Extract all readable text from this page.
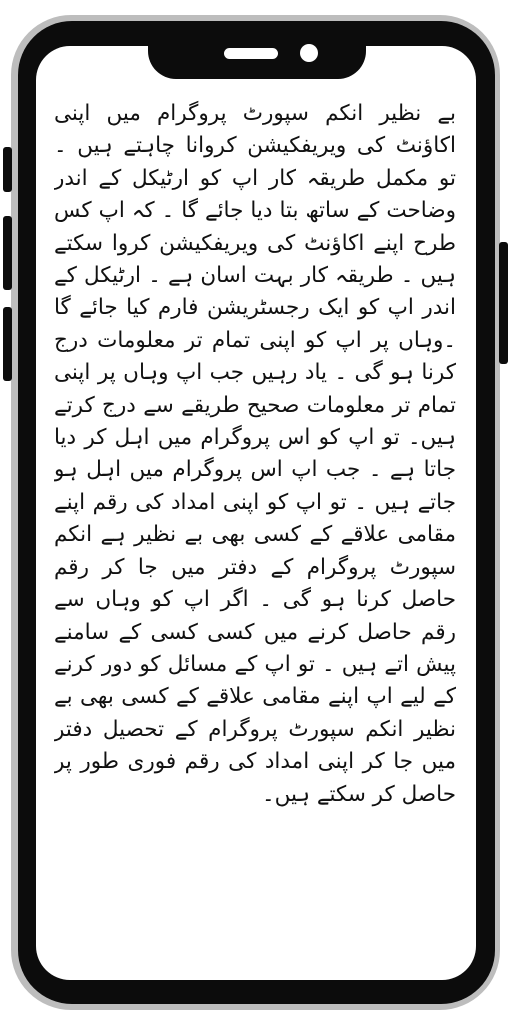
بے نظیر انکم سپورٹ پروگرام میں اپنی اکاؤنٹ کی ویریفکیشن کروانا چاہتے ہیں ۔ تو مکمل طریقہ کار اپ کو ارٹیکل کے اندر وضاحت کے ساتھ بتا دیا جائے گا ۔ کہ اپ کس طرح اپنے اکاؤنٹ کی ویریفکیشن کروا سکتے ہیں ۔ طریقہ کار بہت اسان ہے ۔ ارٹیکل کے اندر اپ کو ایک رجسٹریشن فارم کیا جائے گا ۔وہاں پر اپ کو اپنی تمام تر معلومات درج کرنا ہو گی ۔ یاد رہیں جب اپ وہاں پر اپنی تمام تر معلومات صحیح طریقے سے درج کرتے ہیں۔ تو اپ کو اس پروگرام میں اہل کر دیا جاتا ہے ۔ جب اپ اس پروگرام میں اہل ہو جاتے ہیں ۔ تو اپ کو اپنی امداد کی رقم اپنے مقامی علاقے کے کسی بھی بے نظیر ہے انکم سپورٹ پروگرام کے دفتر میں جا کر رقم حاصل کرنا ہو گی ۔ اگر اپ کو وہاں سے رقم حاصل کرنے میں کسی کسی کے سامنے پیش اتے ہیں ۔ تو اپ کے مسائل کو دور کرنے کے لیے اپ اپنے مقامی علاقے کے کسی بھی بے نظیر انکم سپورٹ پروگرام کے تحصیل دفتر میں جا کر اپنی امداد کی رقم فوری طور پر حاصل کر سکتے ہیں۔
